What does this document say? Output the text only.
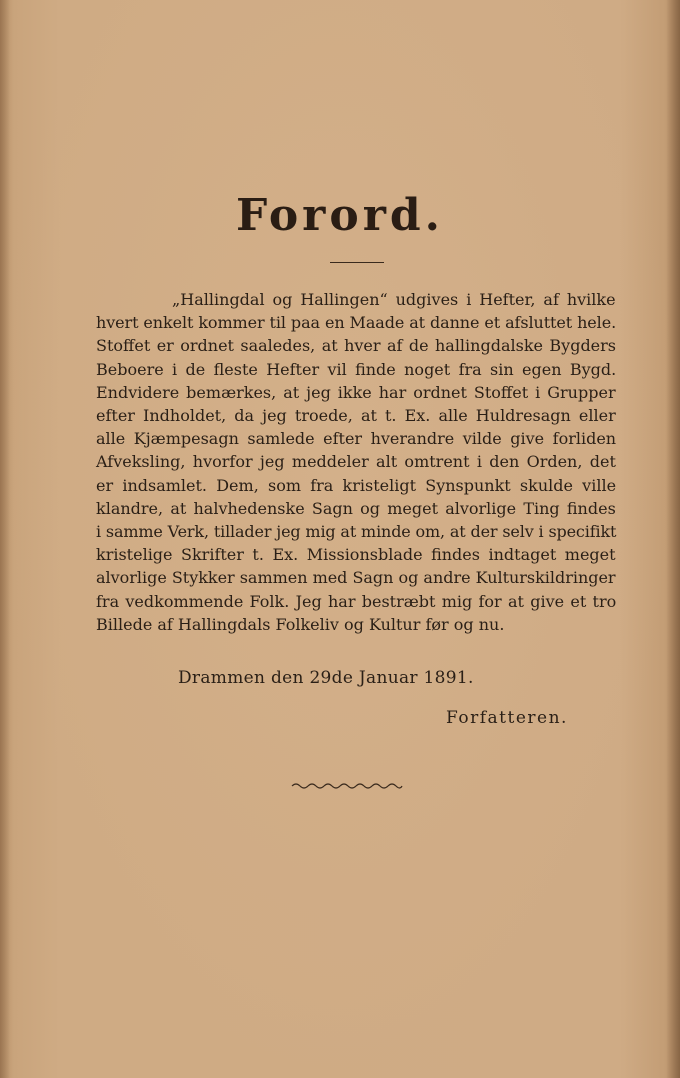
Forord.
„Hallingdal og Hallingen“ udgives i Hefter, af hvilke
hvert enkelt kommer til paa en Maade at danne et afsluttet hele.
Stoffet er ordnet saaledes, at hver af de hallingdalske Bygders
Beboere i de fleste Hefter vil finde noget fra sin egen Bygd.
Endvidere bemærkes, at jeg ikke har ordnet Stoffet i Grupper
efter Indholdet, da jeg troede, at t. Ex. alle Huldresagn eller
alle Kjæmpesagn samlede efter hverandre vilde give forliden
Afveksling, hvorfor jeg meddeler alt omtrent i den Orden, det
er indsamlet. Dem, som fra kristeligt Synspunkt skulde ville
klandre, at halvhedenske Sagn og meget alvorlige Ting findes
i samme Verk, tillader jeg mig at minde om, at der selv i specifikt
kristelige Skrifter t. Ex. Missionsblade findes indtaget meget
alvorlige Stykker sammen med Sagn og andre Kulturskildringer
fra vedkommende Folk. Jeg har bestræbt mig for at give et tro
Billede af Hallingdals Folkeliv og Kultur før og nu.
Drammen den 29de Januar 1891.
Forfatteren.
